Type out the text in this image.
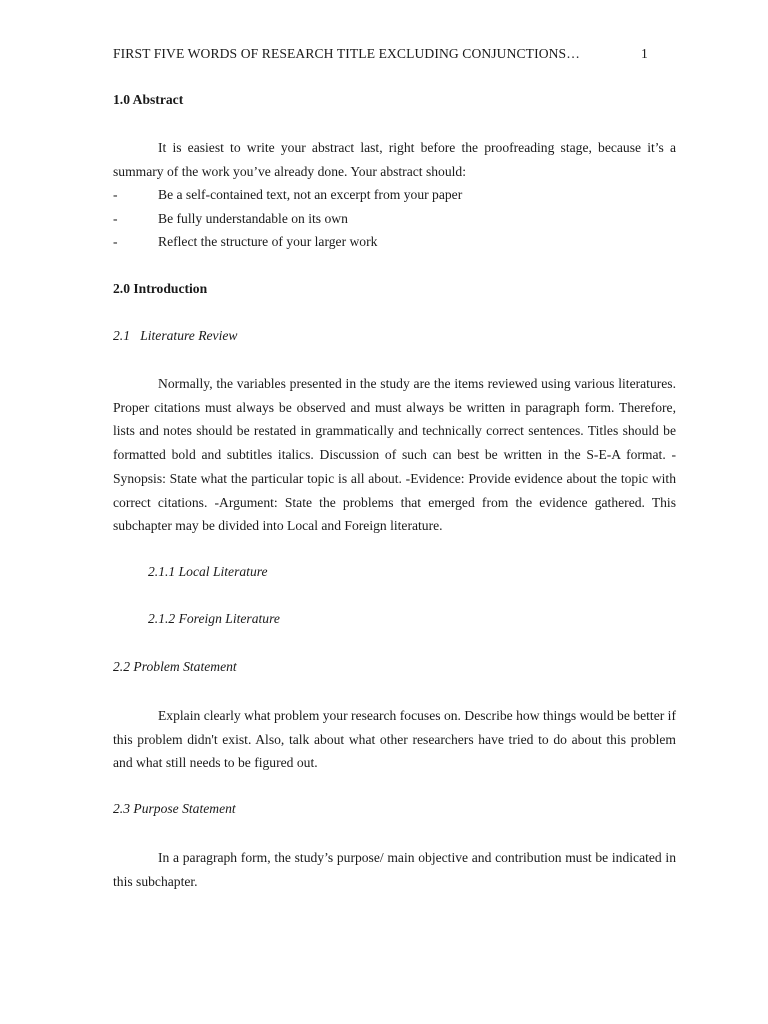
FIRST FIVE WORDS OF RESEARCH TITLE EXCLUDING CONJUNCTIONS…	1
1.0 Abstract

It is easiest to write your abstract last, right before the proofreading stage, because it’s a summary of the work you’ve already done. Your abstract should:

-	Be a self-contained text, not an excerpt from your paper
-	Be fully understandable on its own
-	Reflect the structure of your larger work
2.0 Introduction
2.1   Literature Review

Normally, the variables presented in the study are the items reviewed using various literatures. Proper citations must always be observed and must always be written in paragraph form. Therefore, lists and notes should be restated in grammatically and technically correct sentences. Titles should be formatted bold and subtitles italics. Discussion of such can best be written in the S-E-A format. -Synopsis: State what the particular topic is all about. -Evidence: Provide evidence about the topic with correct citations. -Argument: State the problems that emerged from the evidence gathered. This subchapter may be divided into Local and Foreign literature.

2.1.1 Local Literature
2.1.2 Foreign Literature
2.2 Problem Statement

Explain clearly what problem your research focuses on. Describe how things would be better if this problem didn't exist. Also, talk about what other researchers have tried to do about this problem and what still needs to be figured out.

2.3 Purpose Statement

In a paragraph form, the study’s purpose/ main objective and contribution must be indicated in this subchapter.
